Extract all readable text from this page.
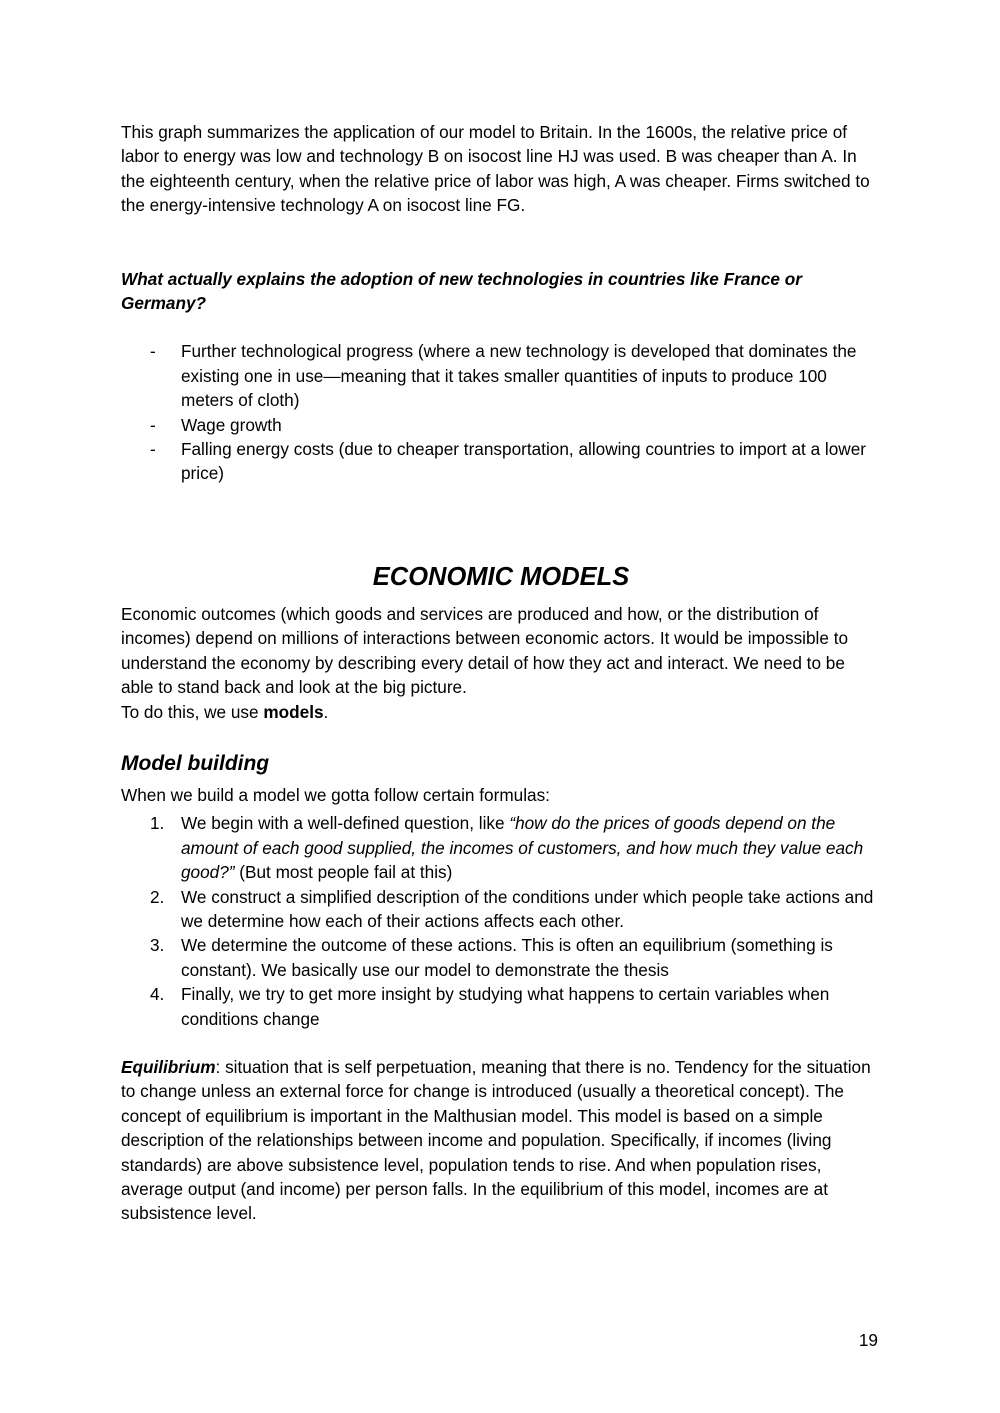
This graph summarizes the application of our model to Britain. In the 1600s, the relative price of labor to energy was low and technology B on isocost line HJ was used. B was cheaper than A. In the eighteenth century, when the relative price of labor was high, A was cheaper. Firms switched to the energy-intensive technology A on isocost line FG.

What actually explains the adoption of new technologies in countries like France or Germany?

- Further technological progress (where a new technology is developed that dominates the existing one in use—meaning that it takes smaller quantities of inputs to produce 100 meters of cloth)
- Wage growth
- Falling energy costs (due to cheaper transportation, allowing countries to import at a lower price)
ECONOMIC MODELS

Economic outcomes (which goods and services are produced and how, or the distribution of incomes) depend on millions of interactions between economic actors. It would be impossible to understand the economy by describing every detail of how they act and interact. We need to be able to stand back and look at the big picture.
To do this, we use models.

Model building

When we build a model we gotta follow certain formulas:

1. We begin with a well-defined question, like “how do the prices of goods depend on the amount of each good supplied, the incomes of customers, and how much they value each good?” (But most people fail at this)
2. We construct a simplified description of the conditions under which people take actions and we determine how each of their actions affects each other.
3. We determine the outcome of these actions. This is often an equilibrium (something is constant). We basically use our model to demonstrate the thesis
4. Finally, we try to get more insight by studying what happens to certain variables when conditions change

Equilibrium: situation that is self perpetuation, meaning that there is no. Tendency for the situation to change unless an external force for change is introduced (usually a theoretical concept). The concept of equilibrium is important in the Malthusian model. This model is based on a simple description of the relationships between income and population. Specifically, if incomes (living standards) are above subsistence level, population tends to rise. And when population rises, average output (and income) per person falls. In the equilibrium of this model, incomes are at subsistence level.

19
